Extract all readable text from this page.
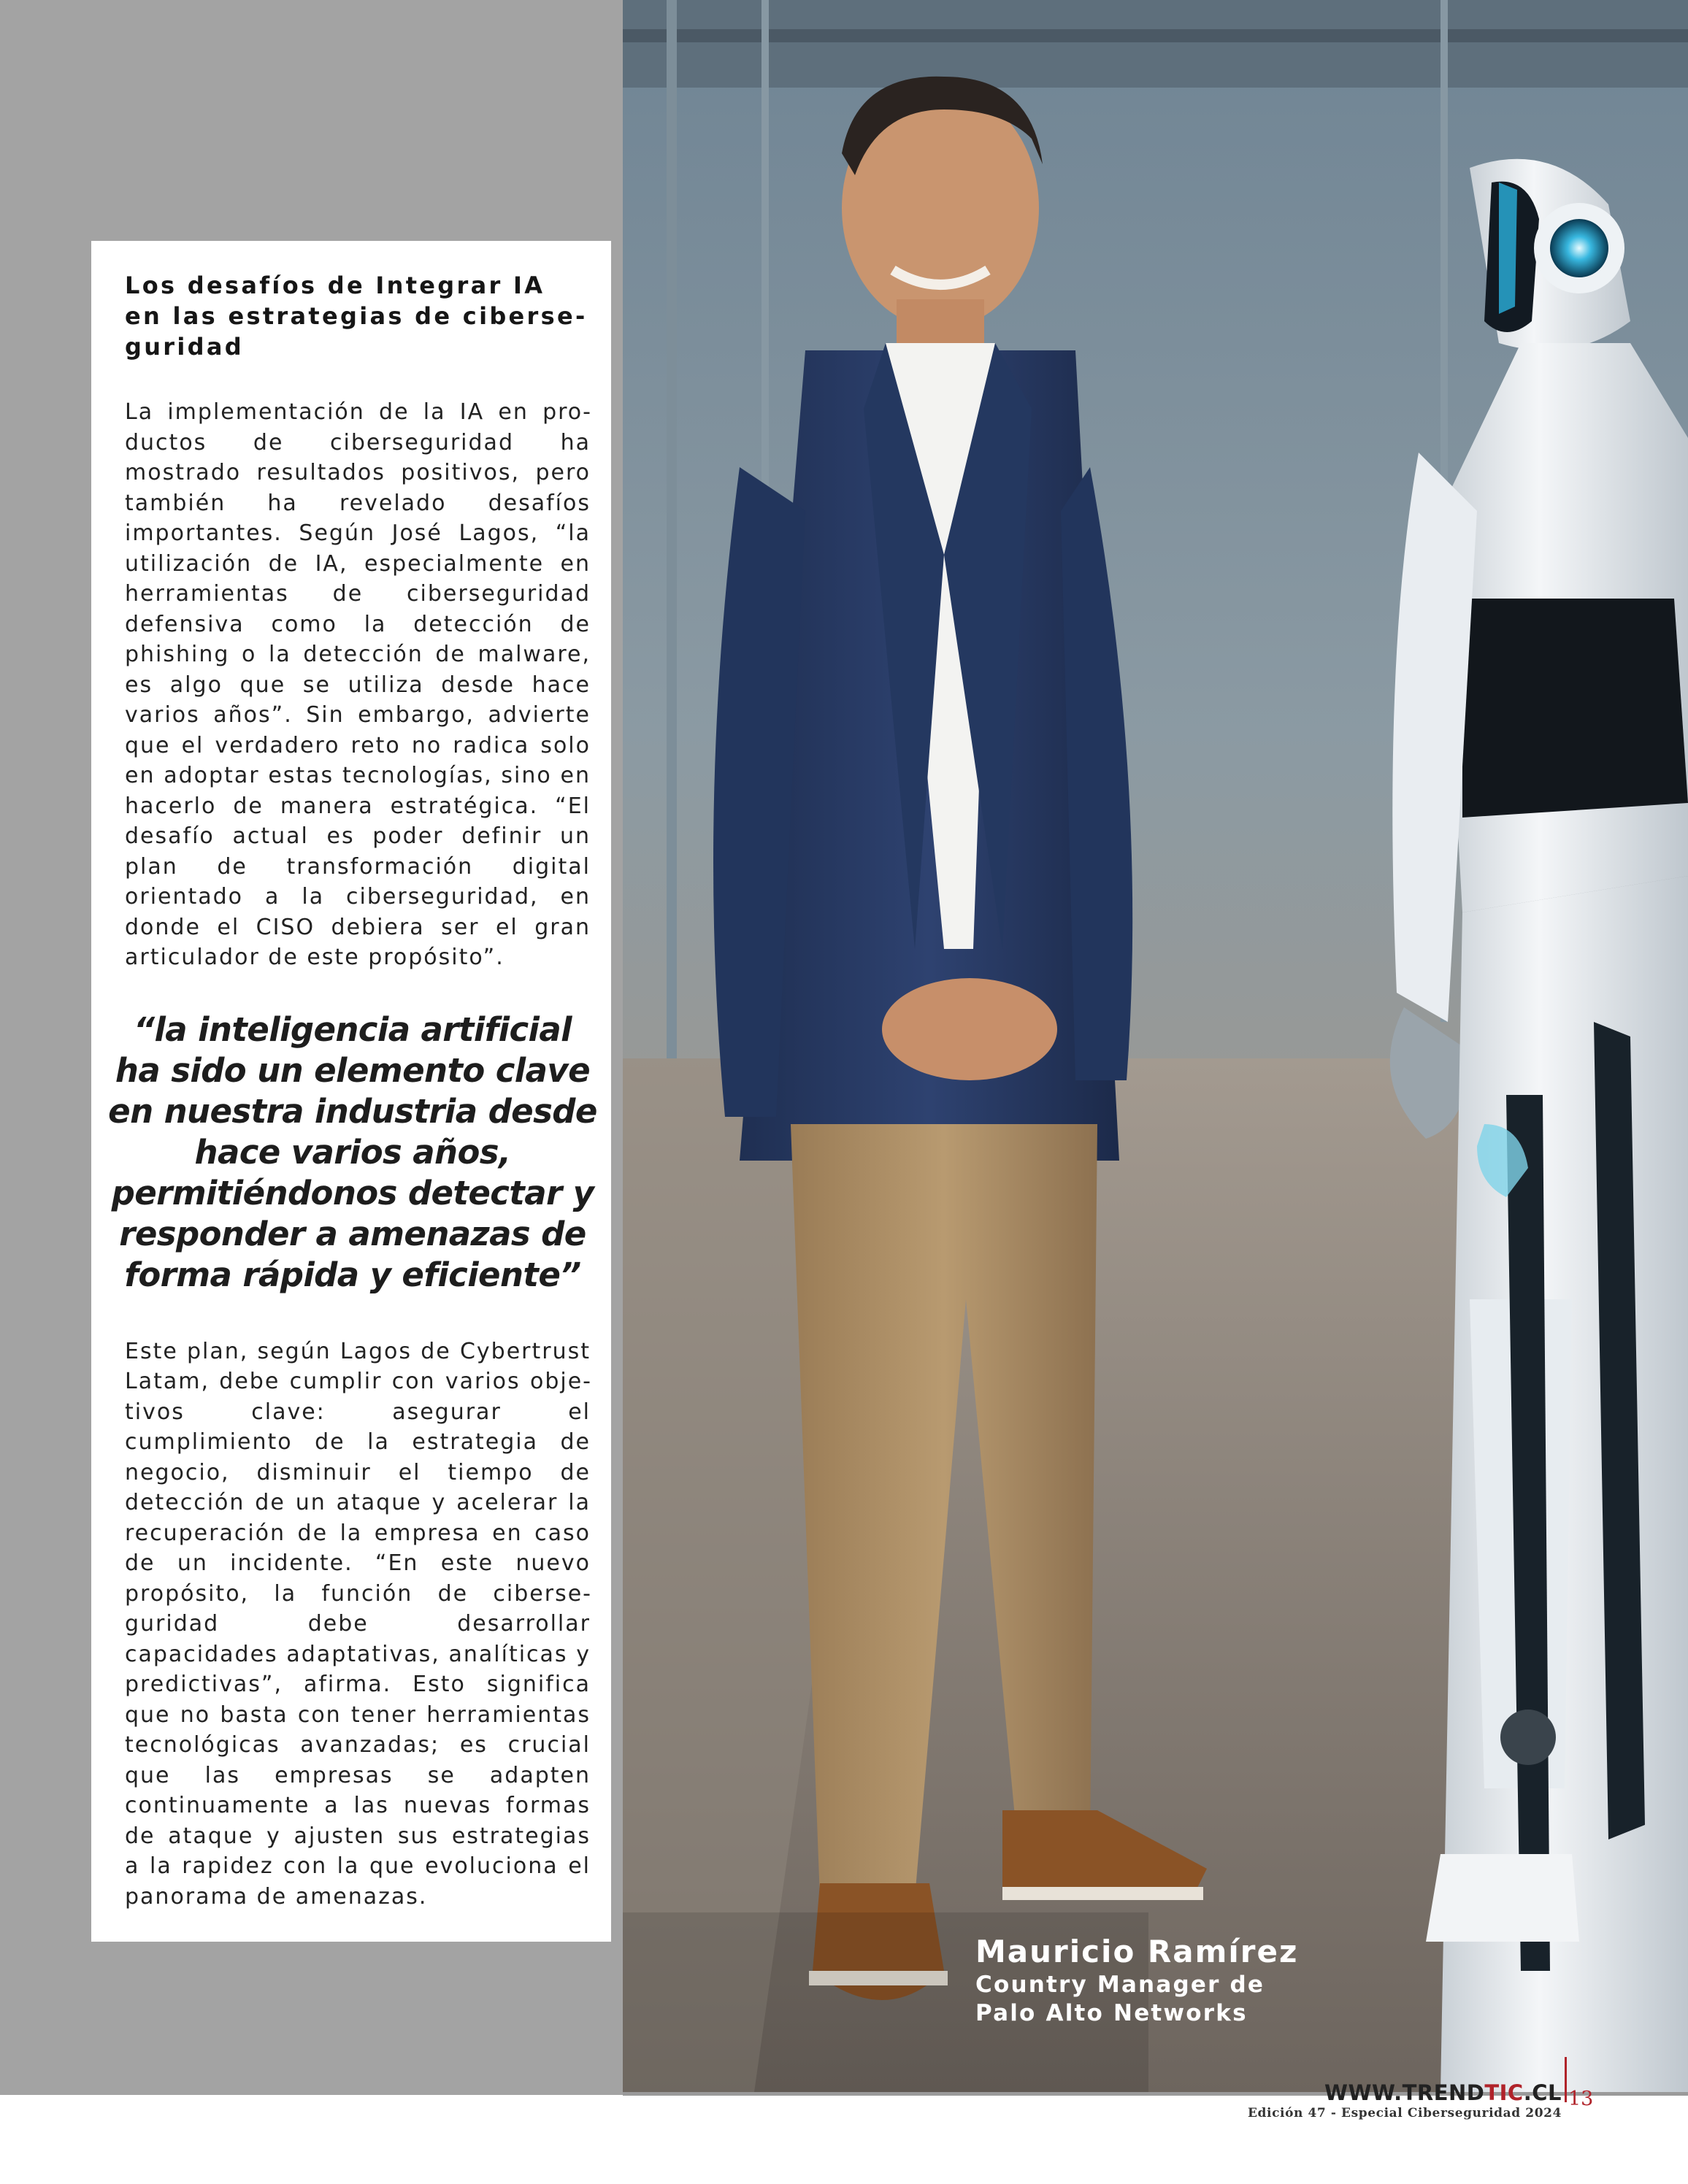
Los desafíos de Integrar IA en las estrategias de ciberse-guridad

La implementación de la IA en productos de ciberseguridad ha mostrado resultados positivos, pero también ha revelado desafíos importantes. Según José Lagos, “la utilización de IA, especialmente en herramientas de ciberseguridad defensiva como la detección de phishing o la detección de malware, es algo que se utiliza desde hace varios años”. Sin embargo, advierte que el verdadero reto no radica solo en adoptar estas tecnologías, sino en hacerlo de manera estratégica. “El desafío actual es poder definir un plan de transformación digital orientado a la ciberseguridad, en donde el CISO debiera ser el gran articulador de este propósito”.

“la inteligencia artificial ha sido un elemento clave en nuestra industria desde hace varios años, permitiéndonos detectar y responder a amenazas de forma rápida y eficiente”

Este plan, según Lagos de Cybertrust Latam, debe cumplir con varios objetivos clave: asegurar el cumplimiento de la estrategia de negocio, disminuir el tiempo de detección de un ataque y acelerar la recuperación de la empresa en caso de un incidente. “En este nuevo propósito, la función de ciberseguridad debe desarrollar capacidades adaptativas, analíticas y predictivas”, afirma. Esto significa que no basta con tener herramientas tecnológicas avanzadas; es crucial que las empresas se adapten continuamente a las nuevas formas de ataque y ajusten sus estrategias a la rapidez con la que evoluciona el panorama de amenazas.

Mauricio Ramírez
Country Manager de
Palo Alto Networks
WWW.TRENDTIC.CL
Edición 47 - Especial Ciberseguridad 2024
13
